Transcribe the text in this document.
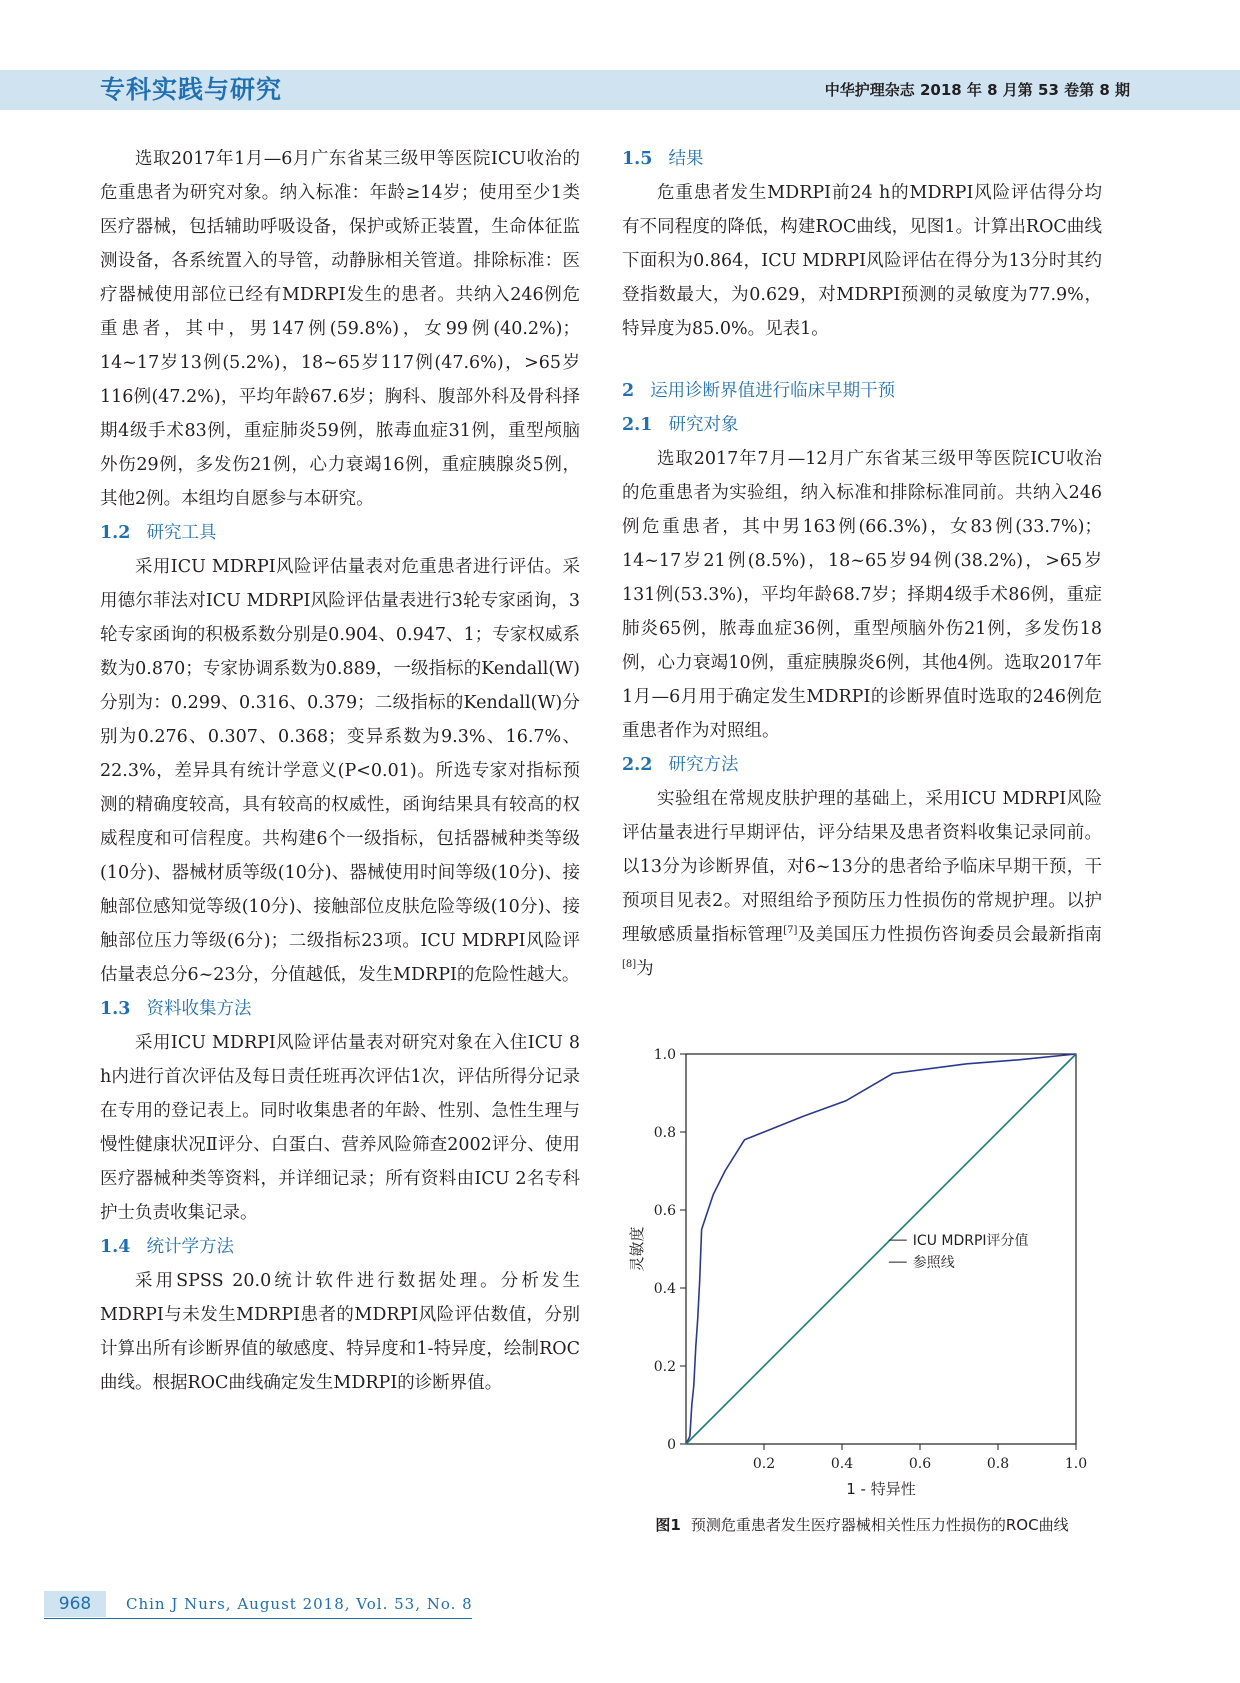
专科实践与研究	中华护理杂志 2018 年 8 月第 53 卷第 8 期

选取2017年1月—6月广东省某三级甲等医院ICU收治的危重患者为研究对象。纳入标准：年龄≥14岁；使用至少1类医疗器械，包括辅助呼吸设备，保护或矫正装置，生命体征监测设备，各系统置入的导管，动静脉相关管道。排除标准：医疗器械使用部位已经有MDRPI发生的患者。共纳入246例危重患者，其中，男147例(59.8%)，女99例(40.2%)；14~17岁13例(5.2%)，18~65岁117例(47.6%)，>65岁116例(47.2%)，平均年龄67.6岁；胸科、腹部外科及骨科择期4级手术83例，重症肺炎59例，脓毒血症31例，重型颅脑外伤29例，多发伤21例，心力衰竭16例，重症胰腺炎5例，其他2例。本组均自愿参与本研究。

1.2 研究工具

采用ICU MDRPI风险评估量表对危重患者进行评估。采用德尔菲法对ICU MDRPI风险评估量表进行3轮专家函询，3轮专家函询的积极系数分别是0.904、0.947、1；专家权威系数为0.870；专家协调系数为0.889，一级指标的Kendall(W)分别为：0.299、0.316、0.379；二级指标的Kendall(W)分别为0.276、0.307、0.368；变异系数为9.3%、16.7%、22.3%，差异具有统计学意义(P<0.01)。所选专家对指标预测的精确度较高，具有较高的权威性，函询结果具有较高的权威程度和可信程度。共构建6个一级指标，包括器械种类等级(10分)、器械材质等级(10分)、器械使用时间等级(10分)、接触部位感知觉等级(10分)、接触部位皮肤危险等级(10分)、接触部位压力等级(6分)；二级指标23项。ICU MDRPI风险评估量表总分6~23分，分值越低，发生MDRPI的危险性越大。

1.3 资料收集方法

采用ICU MDRPI风险评估量表对研究对象在入住ICU 8 h内进行首次评估及每日责任班再次评估1次，评估所得分记录在专用的登记表上。同时收集患者的年龄、性别、急性生理与慢性健康状况Ⅱ评分、白蛋白、营养风险筛查2002评分、使用医疗器械种类等资料，并详细记录；所有资料由ICU 2名专科护士负责收集记录。

1.4 统计学方法

采用SPSS 20.0统计软件进行数据处理。分析发生MDRPI与未发生MDRPI患者的MDRPI风险评估数值，分别计算出所有诊断界值的敏感度、特异度和1-特异度，绘制ROC曲线。根据ROC曲线确定发生MDRPI的诊断界值。

1.5 结果

危重患者发生MDRPI前24 h的MDRPI风险评估得分均有不同程度的降低，构建ROC曲线，见图1。计算出ROC曲线下面积为0.864，ICU MDRPI风险评估在得分为13分时其约登指数最大，为0.629，对MDRPI预测的灵敏度为77.9%，特异度为85.0%。见表1。

2 运用诊断界值进行临床早期干预
2.1 研究对象

选取2017年7月—12月广东省某三级甲等医院ICU收治的危重患者为实验组，纳入标准和排除标准同前。共纳入246例危重患者，其中男163例(66.3%)，女83例(33.7%)；14~17岁21例(8.5%)，18~65岁94例(38.2%)，>65岁131例(53.3%)，平均年龄68.7岁；择期4级手术86例，重症肺炎65例，脓毒血症36例，重型颅脑外伤21例，多发伤18例，心力衰竭10例，重症胰腺炎6例，其他4例。选取2017年1月—6月用于确定发生MDRPI的诊断界值时选取的246例危重患者作为对照组。

2.2 研究方法

实验组在常规皮肤护理的基础上，采用ICU MDRPI风险评估量表进行早期评估，评分结果及患者资料收集记录同前。以13分为诊断界值，对6~13分的患者给予临床早期干预，干预项目见表2。对照组给予预防压力性损伤的常规护理。以护理敏感质量指标管理[7]及美国压力性损伤咨询委员会最新指南[8]为

0
0.2
0.4
0.6
0.8
1.0
0.2	0.4	0.6	0.8	1.0
1 - 特异性
灵敏度	ICU MDRPI评分值
参照线
图1 预测危重患者发生医疗器械相关性压力性损伤的ROC曲线
968	Chin J Nurs, August 2018, Vol. 53, No. 8
